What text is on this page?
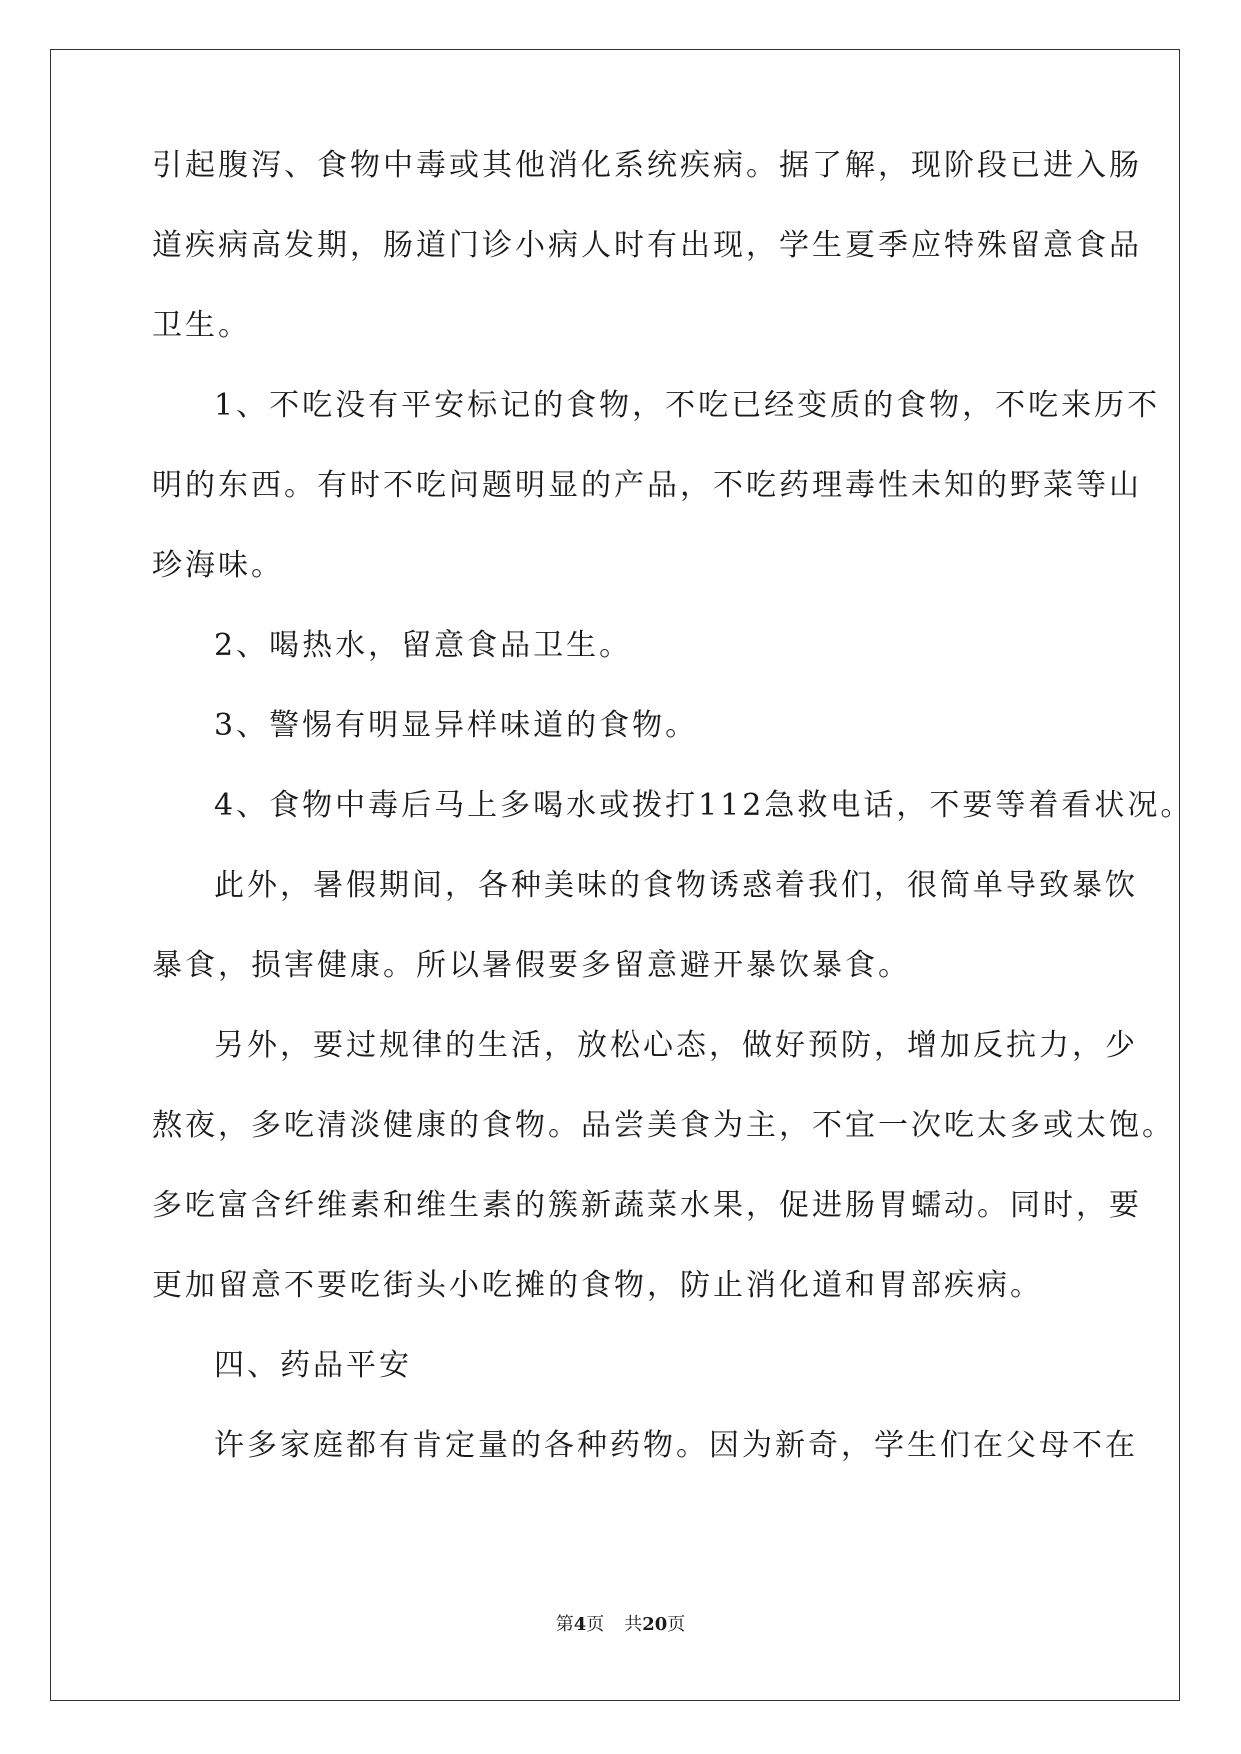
引起腹泻、食物中毒或其他消化系统疾病。据了解，现阶段已进入肠
道疾病高发期，肠道门诊小病人时有出现，学生夏季应特殊留意食品
卫生。
1、不吃没有平安标记的食物，不吃已经变质的食物，不吃来历不
明的东西。有时不吃问题明显的产品，不吃药理毒性未知的野菜等山
珍海味。
2、喝热水，留意食品卫生。
3、警惕有明显异样味道的食物。
4、食物中毒后马上多喝水或拨打112急救电话，不要等着看状况。
此外，暑假期间，各种美味的食物诱惑着我们，很简单导致暴饮
暴食，损害健康。所以暑假要多留意避开暴饮暴食。
另外，要过规律的生活，放松心态，做好预防，增加反抗力，少
熬夜，多吃清淡健康的食物。品尝美食为主，不宜一次吃太多或太饱。
多吃富含纤维素和维生素的簇新蔬菜水果，促进肠胃蠕动。同时，要
更加留意不要吃街头小吃摊的食物，防止消化道和胃部疾病。
四、药品平安
许多家庭都有肯定量的各种药物。因为新奇，学生们在父母不在
第4页 共20页
